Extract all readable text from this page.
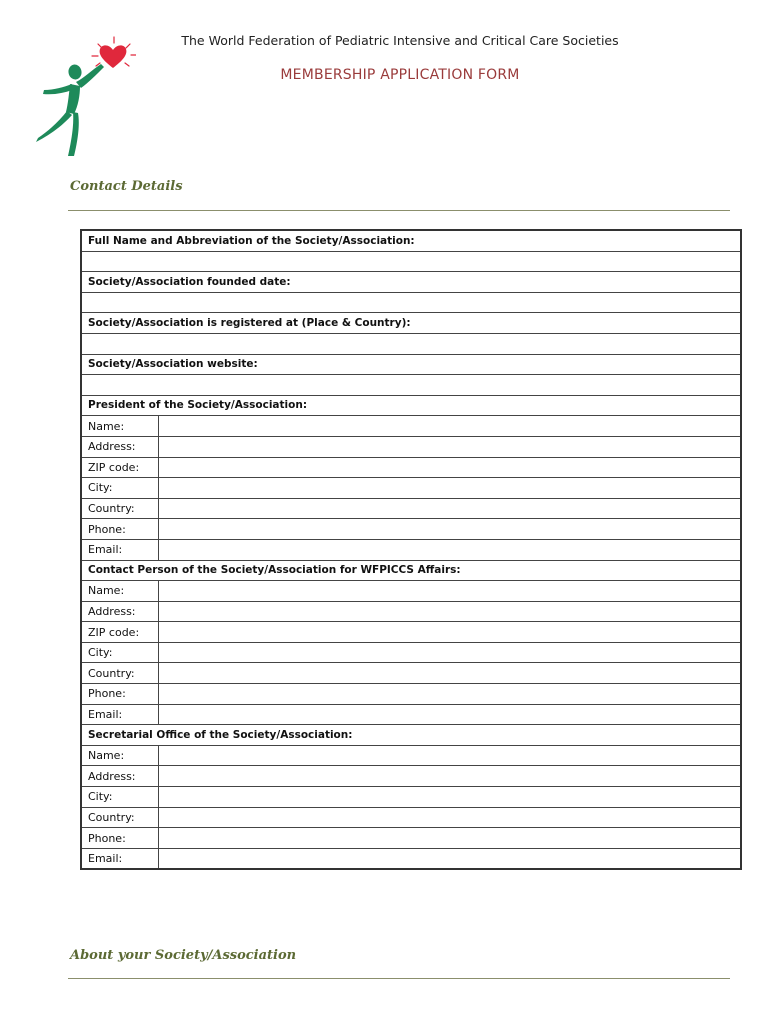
The World Federation of Pediatric Intensive and Critical Care Societies
MEMBERSHIP APPLICATION FORM
Contact Details
Full Name and Abbreviation of the Society/Association:	

Society/Association founded date:	

Society/Association is registered at (Place & Country):	

Society/Association website:	

President of the Society/Association:	
Name:	
Address:	
ZIP code:	
City:	
Country:	
Phone:	
Email:	
Contact Person of the Society/Association for WFPICCS Affairs:	
Name:	
Address:	
ZIP code:	
City:	
Country:	
Phone:	
Email:	
Secretarial Office of the Society/Association:	
Name:	
Address:	
City:	
Country:	
Phone:	
Email:	
About your Society/Association
